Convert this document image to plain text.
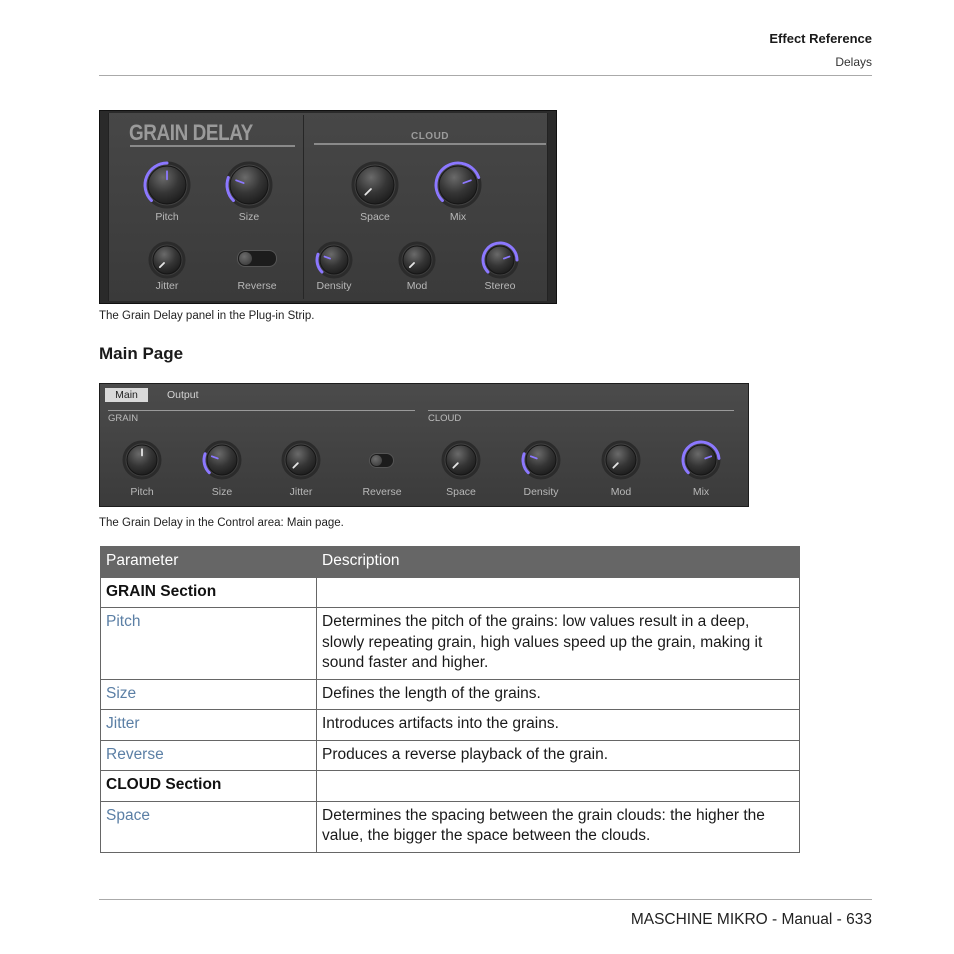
Effect Reference
Delays
GRAIN DELAY	CLOUD
Pitch	Size	Space	Mix
Jitter	Density	Mod	Stereo
Reverse
The Grain Delay panel in the Plug-in Strip.
Main Page
Main	Output
GRAIN	CLOUD
Pitch	Size	Jitter	Space	Density	Mod	Mix
Reverse
The Grain Delay in the Control area: Main page.
Parameter	Description
GRAIN Section	
Pitch	Determines the pitch of the grains: low values result in a deep, slowly repeating grain, high values speed up the grain, making it sound faster and higher.
Size	Defines the length of the grains.
Jitter	Introduces artifacts into the grains.
Reverse	Produces a reverse playback of the grain.
CLOUD Section	
Space	Determines the spacing between the grain clouds: the higher the value, the bigger the space between the clouds.
MASCHINE MIKRO - Manual - 633
